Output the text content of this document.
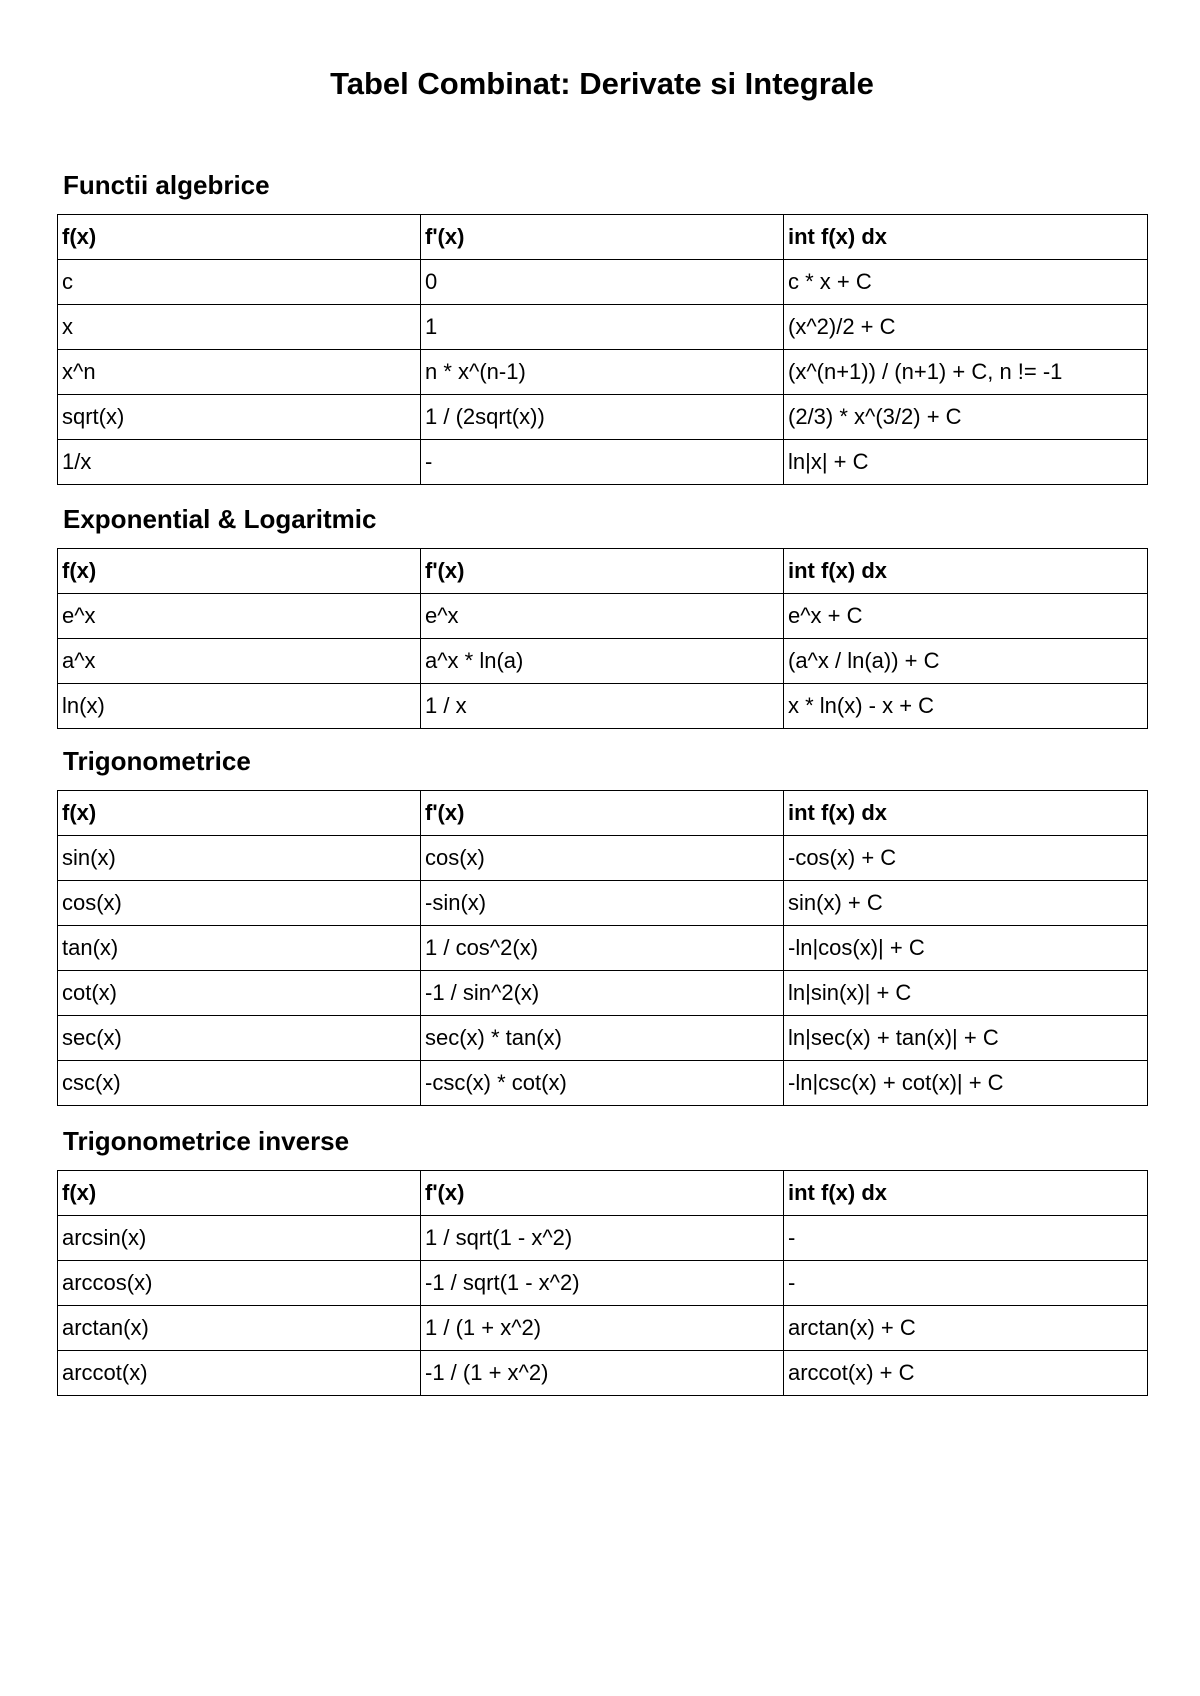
Tabel Combinat: Derivate si Integrale
Functii algebrice
f(x)	f'(x)	int f(x) dx
c	0	c * x + C
x	1	(x^2)/2 + C
x^n	n * x^(n-1)	(x^(n+1)) / (n+1) + C, n != -1
sqrt(x)	1 / (2sqrt(x))	(2/3) * x^(3/2) + C
1/x	-	ln|x| + C
Exponential & Logaritmic
f(x)	f'(x)	int f(x) dx
e^x	e^x	e^x + C
a^x	a^x * ln(a)	(a^x / ln(a)) + C
ln(x)	1 / x	x * ln(x) - x + C
Trigonometrice
f(x)	f'(x)	int f(x) dx
sin(x)	cos(x)	-cos(x) + C
cos(x)	-sin(x)	sin(x) + C
tan(x)	1 / cos^2(x)	-ln|cos(x)| + C
cot(x)	-1 / sin^2(x)	ln|sin(x)| + C
sec(x)	sec(x) * tan(x)	ln|sec(x) + tan(x)| + C
csc(x)	-csc(x) * cot(x)	-ln|csc(x) + cot(x)| + C
Trigonometrice inverse
f(x)	f'(x)	int f(x) dx
arcsin(x)	1 / sqrt(1 - x^2)	-
arccos(x)	-1 / sqrt(1 - x^2)	-
arctan(x)	1 / (1 + x^2)	arctan(x) + C
arccot(x)	-1 / (1 + x^2)	arccot(x) + C
